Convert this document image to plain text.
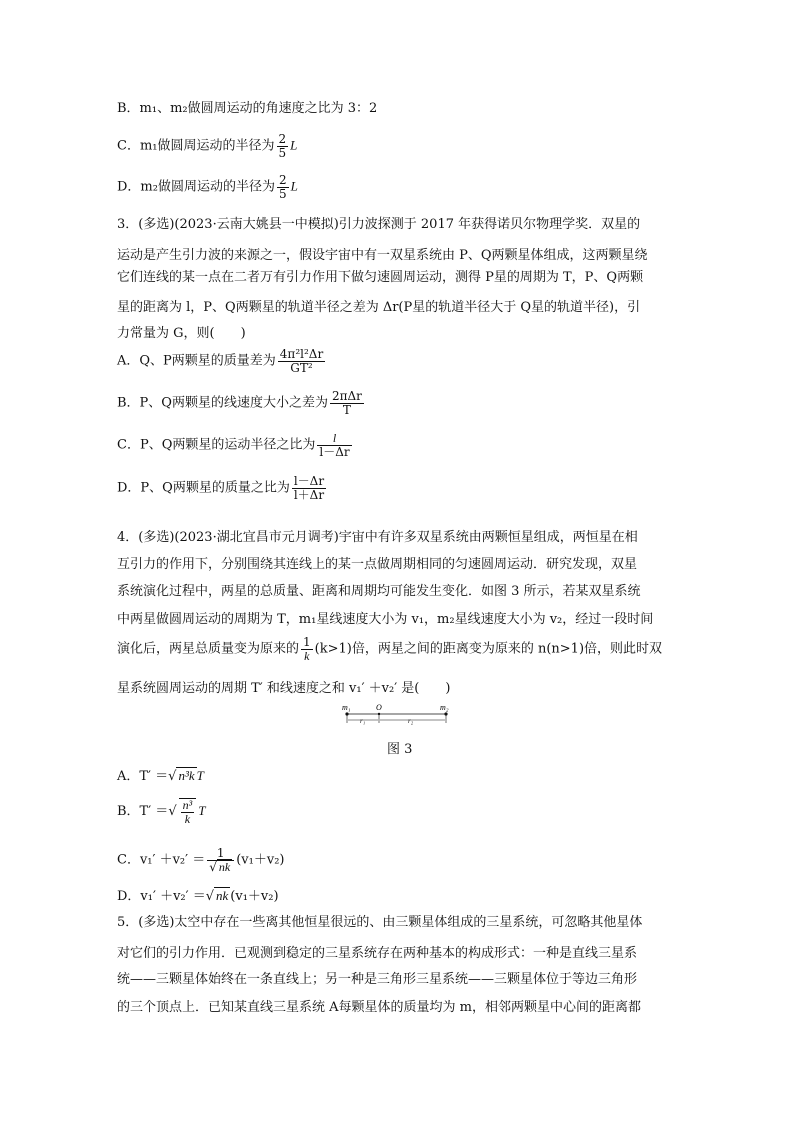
B．m₁、m₂做圆周运动的角速度之比为 3：2
C．m₁做圆周运动的半径为 $\frac{2}{5}$ L
D．m₂做圆周运动的半径为 $\frac{2}{5}$ L
3．(多选)(2023·云南大姚县一中模拟)引力波探测于 2017 年获得诺贝尔物理学奖．双星的
运动是产生引力波的来源之一，假设宇宙中有一双星系统由 P、Q两颗星体组成，这两颗星绕
它们连线的某一点在二者万有引力作用下做匀速圆周运动，测得 P星的周期为 T，P、Q两颗
星的距离为 l，P、Q两颗星的轨道半径之差为 Δr(P星的轨道半径大于 Q星的轨道半径)，引
力常量为 G，则(　　)
A．Q、P两颗星的质量差为 $\frac{\text{4π²l²Δr}}{\text{GT²}}$
B．P、Q两颗星的线速度大小之差为 $\frac{\text{2πΔr}}{T}$
C．P、Q两颗星的运动半径之比为 $\frac{l}{l-\Delta r}$
D．P、Q两颗星的质量之比为 $\frac{l-\Delta r}{l+\Delta r}$
4．(多选)(2023·湖北宜昌市元月调考)宇宙中有许多双星系统由两颗恒星组成，两恒星在相
互引力的作用下，分别围绕其连线上的某一点做周期相同的匀速圆周运动．研究发现，双星
系统演化过程中，两星的总质量、距离和周期均可能发生变化．如图 3 所示，若某双星系统
中两星做圆周运动的周期为 T，m₁星线速度大小为 v₁，m₂星线速度大小为 v₂，经过一段时间
演化后，两星总质量变为原来的 $\frac{1}{k} (k>1)$倍，两星之间的距离变为原来的 n(n>1)倍，则此时双
星系统圆周运动的周期 T′ 和线速度之和 v₁′ ＋v₂′ 是(　　)
m₁	O	m₂
r₁	r₂
图 3
A．T′ ＝√ n³k T
B．T′ ＝√ $\frac{\text{n³}}{k}$ T
C．$v_1' +v_2' = \frac{1}{√ nk} (v_1+v_2)$
D．v₁′ ＋v₂′ ＝√ nk (v₁＋v₂)
5．(多选)太空中存在一些离其他恒星很远的、由三颗星体组成的三星系统，可忽略其他星体
对它们的引力作用．已观测到稳定的三星系统存在两种基本的构成形式：一种是直线三星系
统——三颗星体始终在一条直线上；另一种是三角形三星系统——三颗星体位于等边三角形
的三个顶点上．已知某直线三星系统 A每颗星体的质量均为 m，相邻两颗星中心间的距离都
